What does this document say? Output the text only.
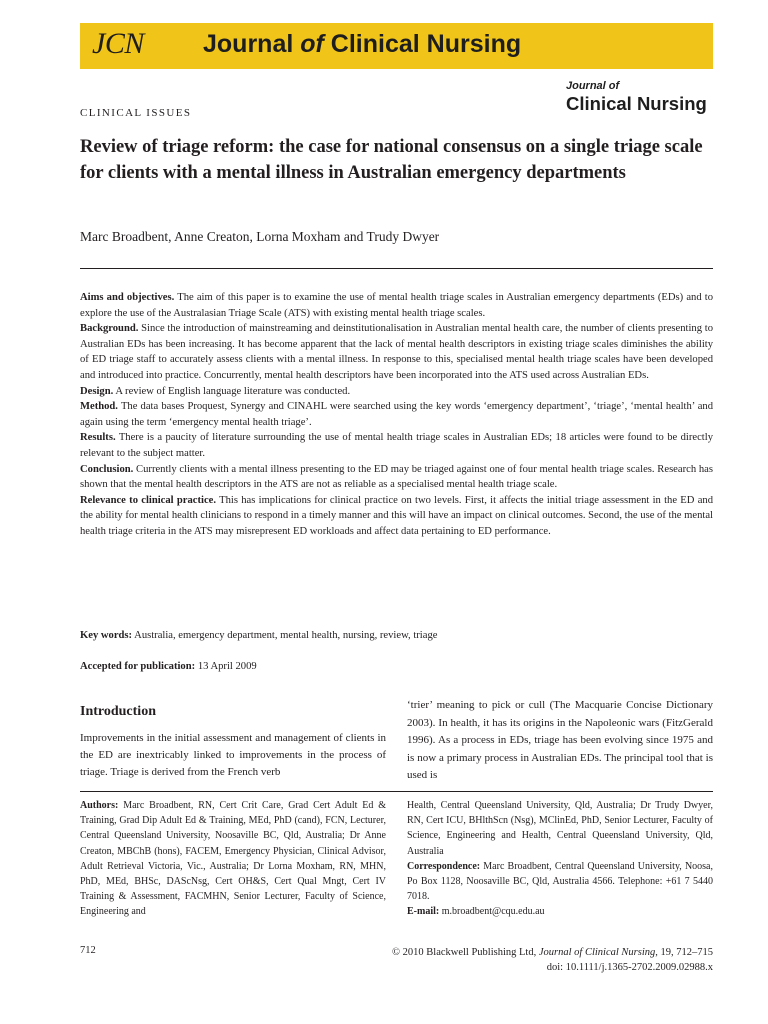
JCN Journal of Clinical Nursing
Journal of
Clinical Nursing
CLINICAL ISSUES
Review of triage reform: the case for national consensus on a single triage scale for clients with a mental illness in Australian emergency departments
Marc Broadbent, Anne Creaton, Lorna Moxham and Trudy Dwyer

Aims and objectives. The aim of this paper is to examine the use of mental health triage scales in Australian emergency departments (EDs) and to explore the use of the Australasian Triage Scale (ATS) with existing mental health triage scales.

Background. Since the introduction of mainstreaming and deinstitutionalisation in Australian mental health care, the number of clients presenting to Australian EDs has been increasing. It has become apparent that the lack of mental health descriptors in existing triage scales diminishes the ability of ED triage staff to accurately assess clients with a mental illness. In response to this, specialised mental health triage scales have been developed and introduced into practice. Concurrently, mental health descriptors have been incorporated into the ATS used across Australian EDs.

Design. A review of English language literature was conducted.

Method. The data bases Proquest, Synergy and CINAHL were searched using the key words ‘emergency department’, ‘triage’, ‘mental health’ and again using the term ‘emergency mental health triage’.

Results. There is a paucity of literature surrounding the use of mental health triage scales in Australian EDs; 18 articles were found to be directly relevant to the subject matter.

Conclusion. Currently clients with a mental illness presenting to the ED may be triaged against one of four mental health triage scales. Research has shown that the mental health descriptors in the ATS are not as reliable as a specialised mental health triage scale.

Relevance to clinical practice. This has implications for clinical practice on two levels. First, it affects the initial triage assessment in the ED and the ability for mental health clinicians to respond in a timely manner and this will have an impact on clinical outcomes. Second, the use of the mental health triage criteria in the ATS may misrepresent ED workloads and affect data pertaining to ED performance.

Key words: Australia, emergency department, mental health, nursing, review, triage
Accepted for publication: 13 April 2009
Introduction

Improvements in the initial assessment and management of clients in the ED are inextricably linked to improvements in the process of triage. Triage is derived from the French verb

‘trier’ meaning to pick or cull (The Macquarie Concise Dictionary 2003). In health, it has its origins in the Napoleonic wars (FitzGerald 1996). As a process in EDs, triage has been evolving since 1975 and is now a primary process in Australian EDs. The principal tool that is used is

Authors: Marc Broadbent, RN, Cert Crit Care, Grad Cert Adult Ed & Training, Grad Dip Adult Ed & Training, MEd, PhD (cand), FCN, Lecturer, Central Queensland University, Noosaville BC, Qld, Australia; Dr Anne Creaton, MBChB (hons), FACEM, Emergency Physician, Clinical Advisor, Adult Retrieval Victoria, Vic., Australia; Dr Lorna Moxham, RN, MHN, PhD, MEd, BHSc, DAScNsg, Cert OH&S, Cert Qual Mngt, Cert IV Training & Assessment, FACMHN, Senior Lecturer, Faculty of Science, Engineering and

Health, Central Queensland University, Qld, Australia; Dr Trudy Dwyer, RN, Cert ICU, BHlthScn (Nsg), MClinEd, PhD, Senior Lecturer, Faculty of Science, Engineering and Health, Central Queensland University, Qld, Australia

Correspondence: Marc Broadbent, Central Queensland University, Noosa, Po Box 1128, Noosaville BC, Qld, Australia 4566. Telephone: +61 7 5440 7018.

E-mail: m.broadbent@cqu.edu.au

712	© 2010 Blackwell Publishing Ltd, Journal of Clinical Nursing, 19, 712–715
doi: 10.1111/j.1365-2702.2009.02988.x
